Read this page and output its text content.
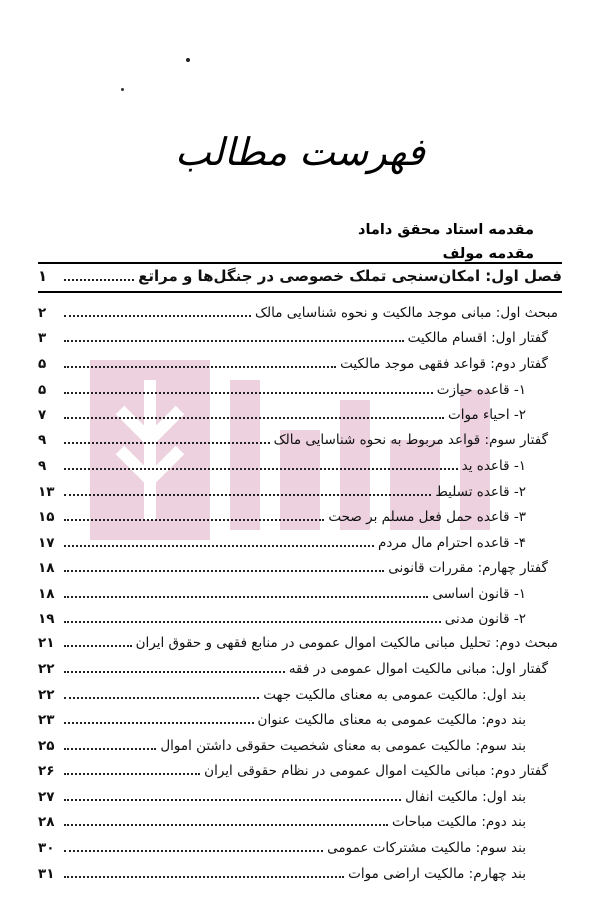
فهرست مطالب
مقدمه استاد محقق داماد
مقدمه مولف
فصل اول: امکان‌سنجی تملک خصوصی در جنگل‌ها و مراتع
۱
مبحث اول: مبانی موجد مالکیت و نحوه شناسایی مالک
۲
گفتار اول: اقسام مالکیت
۳
گفتار دوم: قواعد فقهی موجد مالکیت
۵
۱- قاعده حیازت
۵
۲- احیاء موات
۷
گفتار سوم: قواعد مربوط به نحوه شناسایی مالک
۹
۱- قاعده ید
۹
۲- قاعده تسلیط
۱۳
۳- قاعده حمل فعل مسلم بر صحت
۱۵
۴- قاعده احترام مال مردم
۱۷
گفتار چهارم: مقررات قانونی
۱۸
۱- قانون اساسی
۱۸
۲- قانون مدنی
۱۹
مبحث دوم: تحلیل مبانی مالکیت اموال عمومی در منابع فقهی و حقوق ایران
۲۱
گفتار اول: مبانی مالکیت اموال عمومی در فقه
۲۲
بند اول: مالکیت عمومی به معنای مالکیت جهت
۲۲
بند دوم: مالکیت عمومی به معنای مالکیت عنوان
۲۳
بند سوم: مالکیت عمومی به معنای شخصیت حقوقی داشتن اموال
۲۵
گفتار دوم: مبانی مالکیت اموال عمومی در نظام حقوقی ایران
۲۶
بند اول: مالکیت انفال
۲۷
بند دوم: مالکیت مباحات
۲۸
بند سوم: مالکیت مشترکات عمومی
۳۰
بند چهارم: مالکیت اراضی موات
۳۱
